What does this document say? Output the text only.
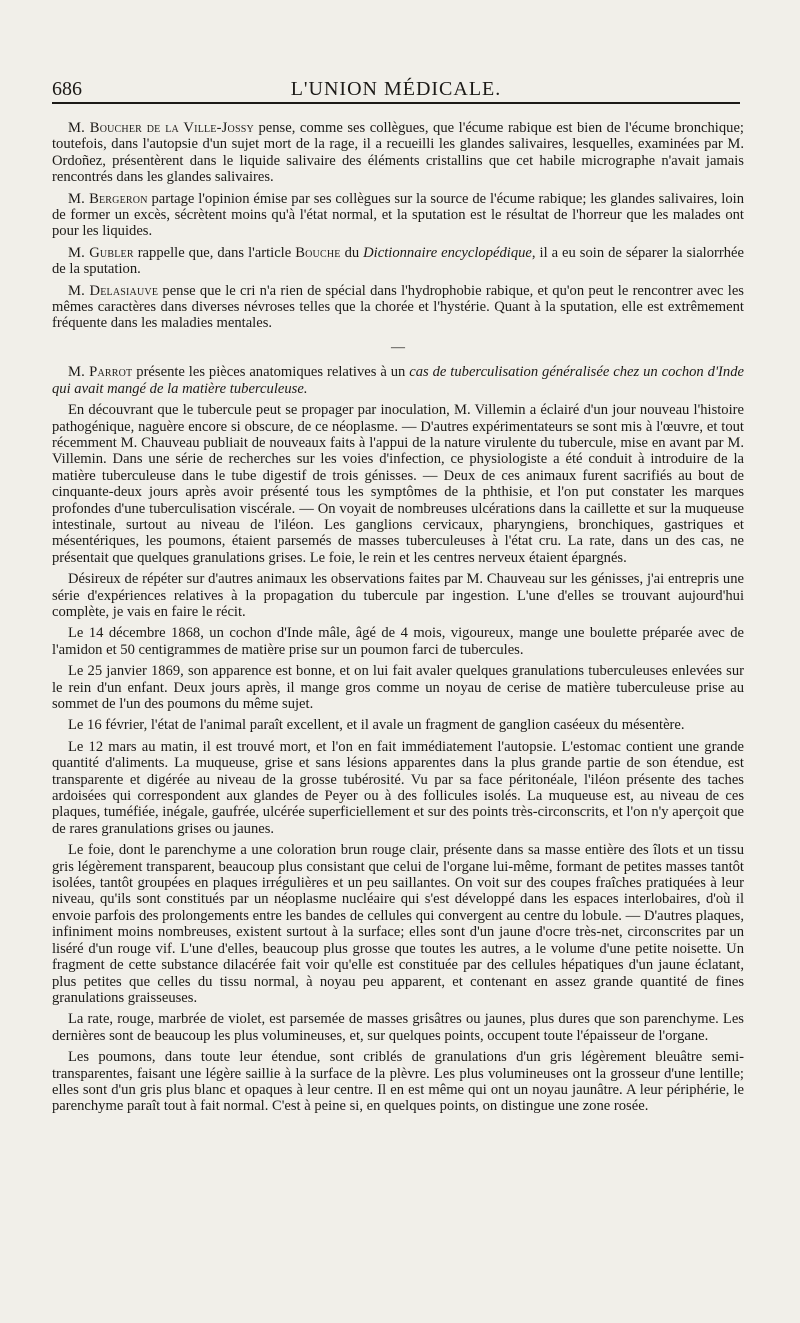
686	L'UNION MÉDICALE.

M. Boucher de la Ville-Jossy pense, comme ses collègues, que l'écume rabique est bien de l'écume bronchique; toutefois, dans l'autopsie d'un sujet mort de la rage, il a recueilli les glandes salivaires, lesquelles, examinées par M. Ordoñez, présentèrent dans le liquide salivaire des éléments cristallins que cet habile micrographe n'avait jamais rencontrés dans les glandes salivaires.

M. Bergeron partage l'opinion émise par ses collègues sur la source de l'écume rabique; les glandes salivaires, loin de former un excès, sécrètent moins qu'à l'état normal, et la sputation est le résultat de l'horreur que les malades ont pour les liquides.

M. Gubler rappelle que, dans l'article Bouche du Dictionnaire encyclopédique, il a eu soin de séparer la sialorrhée de la sputation.

M. Delasiauve pense que le cri n'a rien de spécial dans l'hydrophobie rabique, et qu'on peut le rencontrer avec les mêmes caractères dans diverses névroses telles que la chorée et l'hystérie. Quant à la sputation, elle est extrêmement fréquente dans les maladies mentales.

—

M. Parrot présente les pièces anatomiques relatives à un cas de tuberculisation généralisée chez un cochon d'Inde qui avait mangé de la matière tuberculeuse.

En découvrant que le tubercule peut se propager par inoculation, M. Villemin a éclairé d'un jour nouveau l'histoire pathogénique, naguère encore si obscure, de ce néoplasme. — D'autres expérimentateurs se sont mis à l'œuvre, et tout récemment M. Chauveau publiait de nouveaux faits à l'appui de la nature virulente du tubercule, mise en avant par M. Villemin. Dans une série de recherches sur les voies d'infection, ce physiologiste a été conduit à introduire de la matière tuberculeuse dans le tube digestif de trois génisses. — Deux de ces animaux furent sacrifiés au bout de cinquante-deux jours après avoir présenté tous les symptômes de la phthisie, et l'on put constater les marques profondes d'une tuberculisation viscérale. — On voyait de nombreuses ulcérations dans la caillette et sur la muqueuse intestinale, surtout au niveau de l'iléon. Les ganglions cervicaux, pharyngiens, bronchiques, gastriques et mésentériques, les poumons, étaient parsemés de masses tuberculeuses à l'état cru. La rate, dans un des cas, ne présentait que quelques granulations grises. Le foie, le rein et les centres nerveux étaient épargnés.

Désireux de répéter sur d'autres animaux les observations faites par M. Chauveau sur les génisses, j'ai entrepris une série d'expériences relatives à la propagation du tubercule par ingestion. L'une d'elles se trouvant aujourd'hui complète, je vais en faire le récit.

Le 14 décembre 1868, un cochon d'Inde mâle, âgé de 4 mois, vigoureux, mange une boulette préparée avec de l'amidon et 50 centigrammes de matière prise sur un poumon farci de tubercules.

Le 25 janvier 1869, son apparence est bonne, et on lui fait avaler quelques granulations tuberculeuses enlevées sur le rein d'un enfant. Deux jours après, il mange gros comme un noyau de cerise de matière tuberculeuse prise au sommet de l'un des poumons du même sujet.

Le 16 février, l'état de l'animal paraît excellent, et il avale un fragment de ganglion caséeux du mésentère.

Le 12 mars au matin, il est trouvé mort, et l'on en fait immédiatement l'autopsie. L'estomac contient une grande quantité d'aliments. La muqueuse, grise et sans lésions apparentes dans la plus grande partie de son étendue, est transparente et digérée au niveau de la grosse tubérosité. Vu par sa face péritonéale, l'iléon présente des taches ardoisées qui correspondent aux glandes de Peyer ou à des follicules isolés. La muqueuse est, au niveau de ces plaques, tuméfiée, inégale, gaufrée, ulcérée superficiellement et sur des points très-circonscrits, et l'on n'y aperçoit que de rares granulations grises ou jaunes.

Le foie, dont le parenchyme a une coloration brun rouge clair, présente dans sa masse entière des îlots et un tissu gris légèrement transparent, beaucoup plus consistant que celui de l'organe lui-même, formant de petites masses tantôt isolées, tantôt groupées en plaques irrégulières et un peu saillantes. On voit sur des coupes fraîches pratiquées à leur niveau, qu'ils sont constitués par un néoplasme nucléaire qui s'est développé dans les espaces interlobaires, d'où il envoie parfois des prolongements entre les bandes de cellules qui convergent au centre du lobule. — D'autres plaques, infiniment moins nombreuses, existent surtout à la surface; elles sont d'un jaune d'ocre très-net, circonscrites par un liséré d'un rouge vif. L'une d'elles, beaucoup plus grosse que toutes les autres, a le volume d'une petite noisette. Un fragment de cette substance dilacérée fait voir qu'elle est constituée par des cellules hépatiques d'un jaune éclatant, plus petites que celles du tissu normal, à noyau peu apparent, et contenant en assez grande quantité de fines granulations graisseuses.

La rate, rouge, marbrée de violet, est parsemée de masses grisâtres ou jaunes, plus dures que son parenchyme. Les dernières sont de beaucoup les plus volumineuses, et, sur quelques points, occupent toute l'épaisseur de l'organe.

Les poumons, dans toute leur étendue, sont criblés de granulations d'un gris légèrement bleuâtre semi-transparentes, faisant une légère saillie à la surface de la plèvre. Les plus volumineuses ont la grosseur d'une lentille; elles sont d'un gris plus blanc et opaques à leur centre. Il en est même qui ont un noyau jaunâtre. A leur périphérie, le parenchyme paraît tout à fait normal. C'est à peine si, en quelques points, on distingue une zone rosée.
